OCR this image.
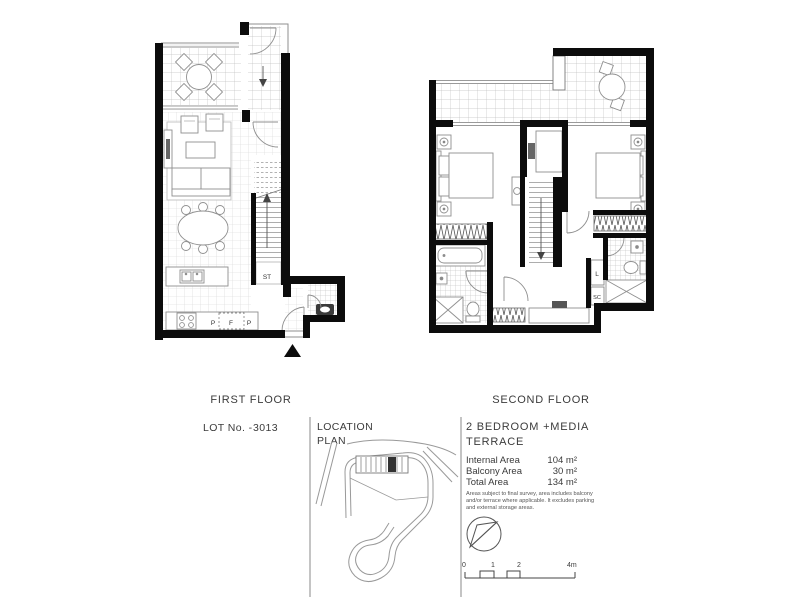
ST
P F P
L
SC
FIRST FLOOR	SECOND FLOOR
LOT No. - 3013	LOCATION
PLAN
2 BEDROOM +MEDIA
TERRACE
Internal Area	104 m²
Balcony Area	30 m²
Total Area	134 m²
Areas subject to final survey, area includes balcony
and/or terrace where applicable. It excludes parking
and external storage areas.
0	1	2	4m
